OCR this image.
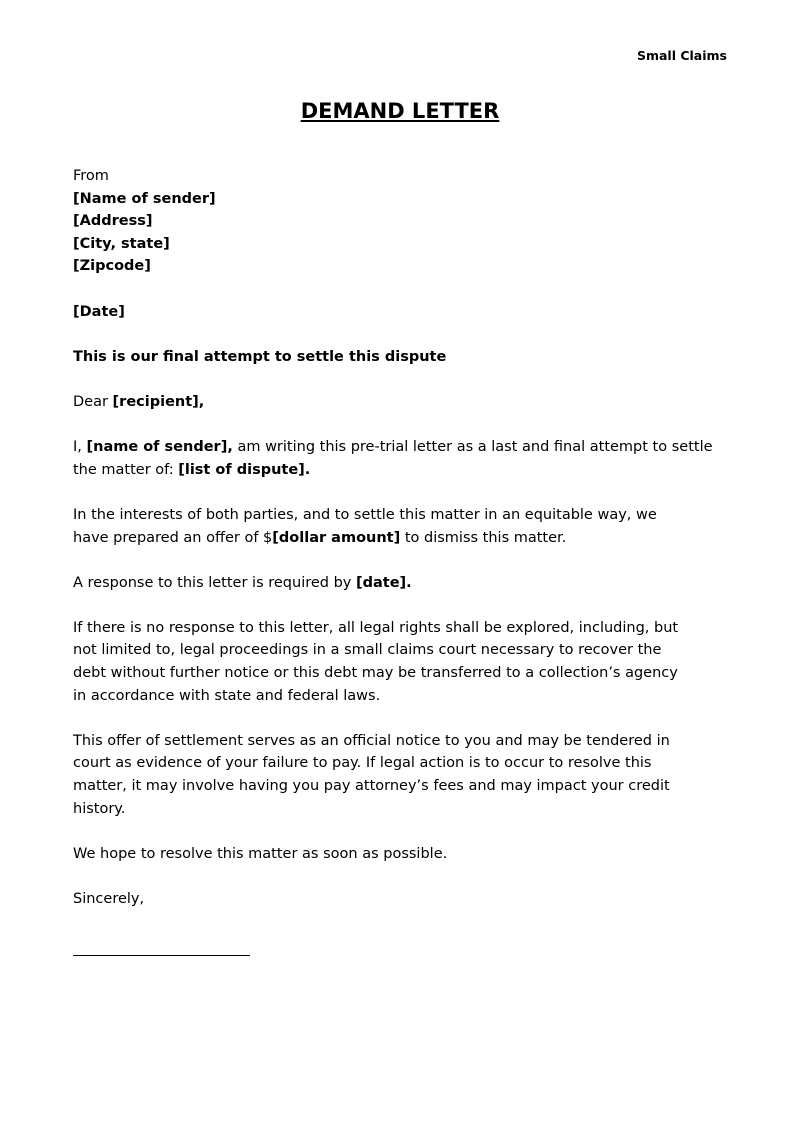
Small Claims
DEMAND LETTER
From
[Name of sender]
[Address]
[City, state]
[Zipcode]
[Date]
This is our final attempt to settle this dispute
Dear [recipient],
I, [name of sender], am writing this pre-trial letter as a last and final attempt to settle
the matter of: [list of dispute].
In the interests of both parties, and to settle this matter in an equitable way, we
have prepared an offer of $[dollar amount] to dismiss this matter.
A response to this letter is required by [date].
If there is no response to this letter, all legal rights shall be explored, including, but
not limited to, legal proceedings in a small claims court necessary to recover the
debt without further notice or this debt may be transferred to a collection’s agency
in accordance with state and federal laws.
This offer of settlement serves as an official notice to you and may be tendered in
court as evidence of your failure to pay. If legal action is to occur to resolve this
matter, it may involve having you pay attorney’s fees and may impact your credit
history.
We hope to resolve this matter as soon as possible.
Sincerely,
